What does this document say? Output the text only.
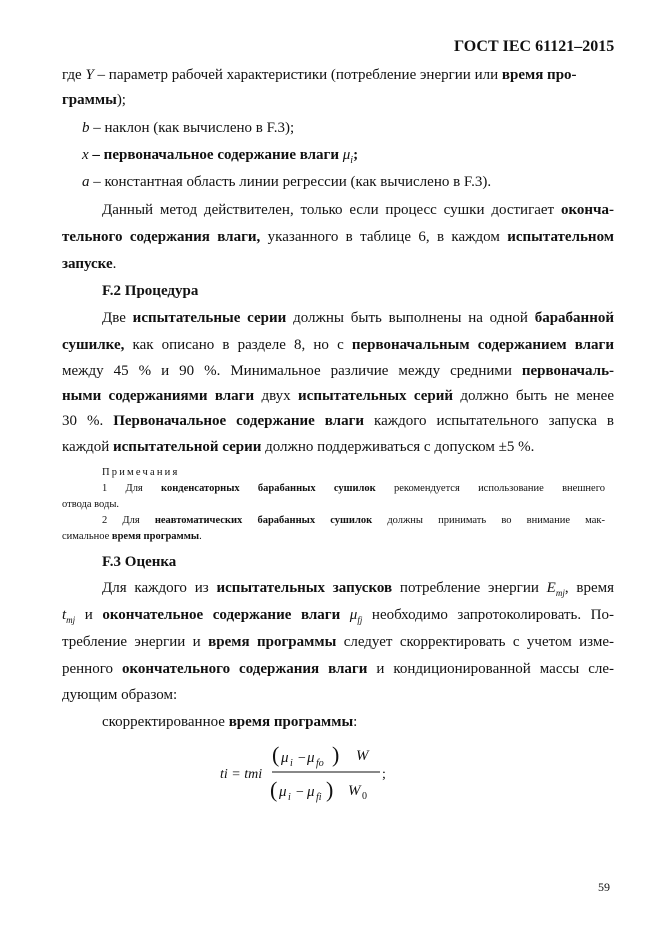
ГОСТ IEC 61121–2015
где Y – параметр рабочей характеристики (потребление энергии или время про-
граммы);
b – наклон (как вычислено в F.3);
x – первоначальное содержание влаги $\mu_i$;
a – константная область линии регрессии (как вычислено в F.3).
Данный метод действителен, только если процесс сушки достигает оконча-
тельного содержания влаги, указанного в таблице 6, в каждом испытательном
запуске.
F.2 Процедура
Две испытательные серии должны быть выполнены на одной барабанной
сушилке, как описано в разделе 8, но с первоначальным содержанием влаги
между 45 % и 90 %. Минимальное различие между средними первоначаль-
ными содержаниями влаги двух испытательных серий должно быть не менее
30 %. Первоначальное содержание влаги каждого испытательного запуска в
каждой испытательной серии должно поддерживаться с допуском ±5 %.
Примечания
1 Для конденсаторных барабанных сушилок рекомендуется использование внешнего
отвода воды.
2 Для неавтоматических барабанных сушилок должны принимать во внимание мак-
симальное время программы.
F.3 Оценка
Для каждого из испытательных запусков потребление энергии $E_{mj}$, время
$t_{mj}$ и окончательное содержание влаги $\mu_{fj}$ необходимо запротоколировать. По-
требление энергии и время программы следует скорректировать с учетом изме-
ренного окончательного содержания влаги и кондиционированной массы сле-
дующим образом:
скорректированное время программы:
ti = tmi
( μ i − μ fo ) W
( μ i − μ fi ) W 0
;
59
